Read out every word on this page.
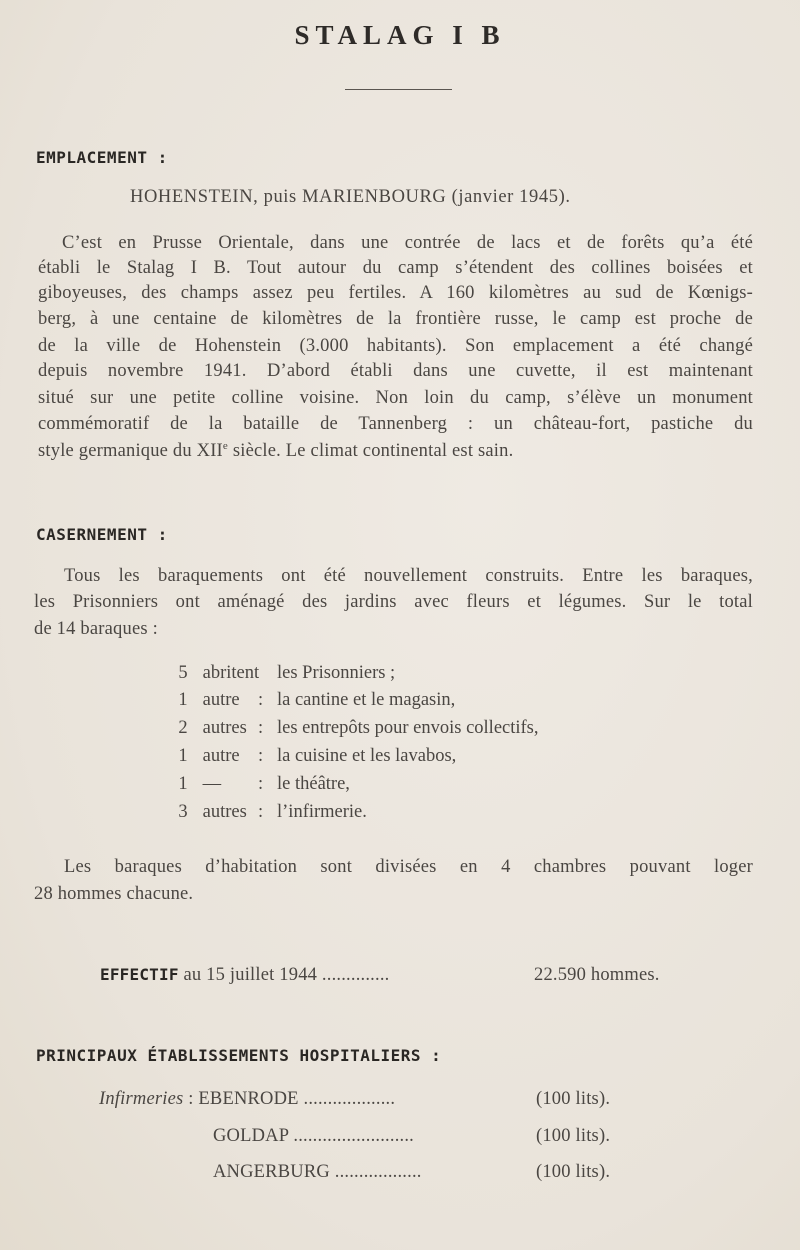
STALAG I B
EMPLACEMENT :
HOHENSTEIN, puis MARIENBOURG (janvier 1945).
C’est en Prusse Orientale, dans une contrée de lacs et de forêts qu’a été
établi le Stalag I B. Tout autour du camp s’étendent des collines boisées et
giboyeuses, des champs assez peu fertiles. A 160 kilomètres au sud de Kœnigs-
berg, à une centaine de kilomètres de la frontière russe, le camp est proche de
de la ville de Hohenstein (3.000 habitants). Son emplacement a été changé
depuis novembre 1941. D’abord établi dans une cuvette, il est maintenant
situé sur une petite colline voisine. Non loin du camp, s’élève un monument
commémoratif de la bataille de Tannenberg : un château-fort, pastiche du
style germanique du XIIe siècle. Le climat continental est sain.
CASERNEMENT :
Tous les baraquements ont été nouvellement construits. Entre les baraques,
les Prisonniers ont aménagé des jardins avec fleurs et légumes. Sur le total
de 14 baraques :
5 abritent les Prisonniers ;
1 autre : la cantine et le magasin,
2 autres : les entrepôts pour envois collectifs,
1 autre : la cuisine et les lavabos,
1 — : le théâtre,
3 autres : l’infirmerie.
Les baraques d’habitation sont divisées en 4 chambres pouvant loger
28 hommes chacune.
EFFECTIF au 15 juillet 1944 ..............	22.590 hommes.
PRINCIPAUX ÉTABLISSEMENTS HOSPITALIERS :
Infirmeries : EBENRODE ...................	(100 lits).
GOLDAP .........................	(100 lits).
ANGERBURG ..................	(100 lits).
